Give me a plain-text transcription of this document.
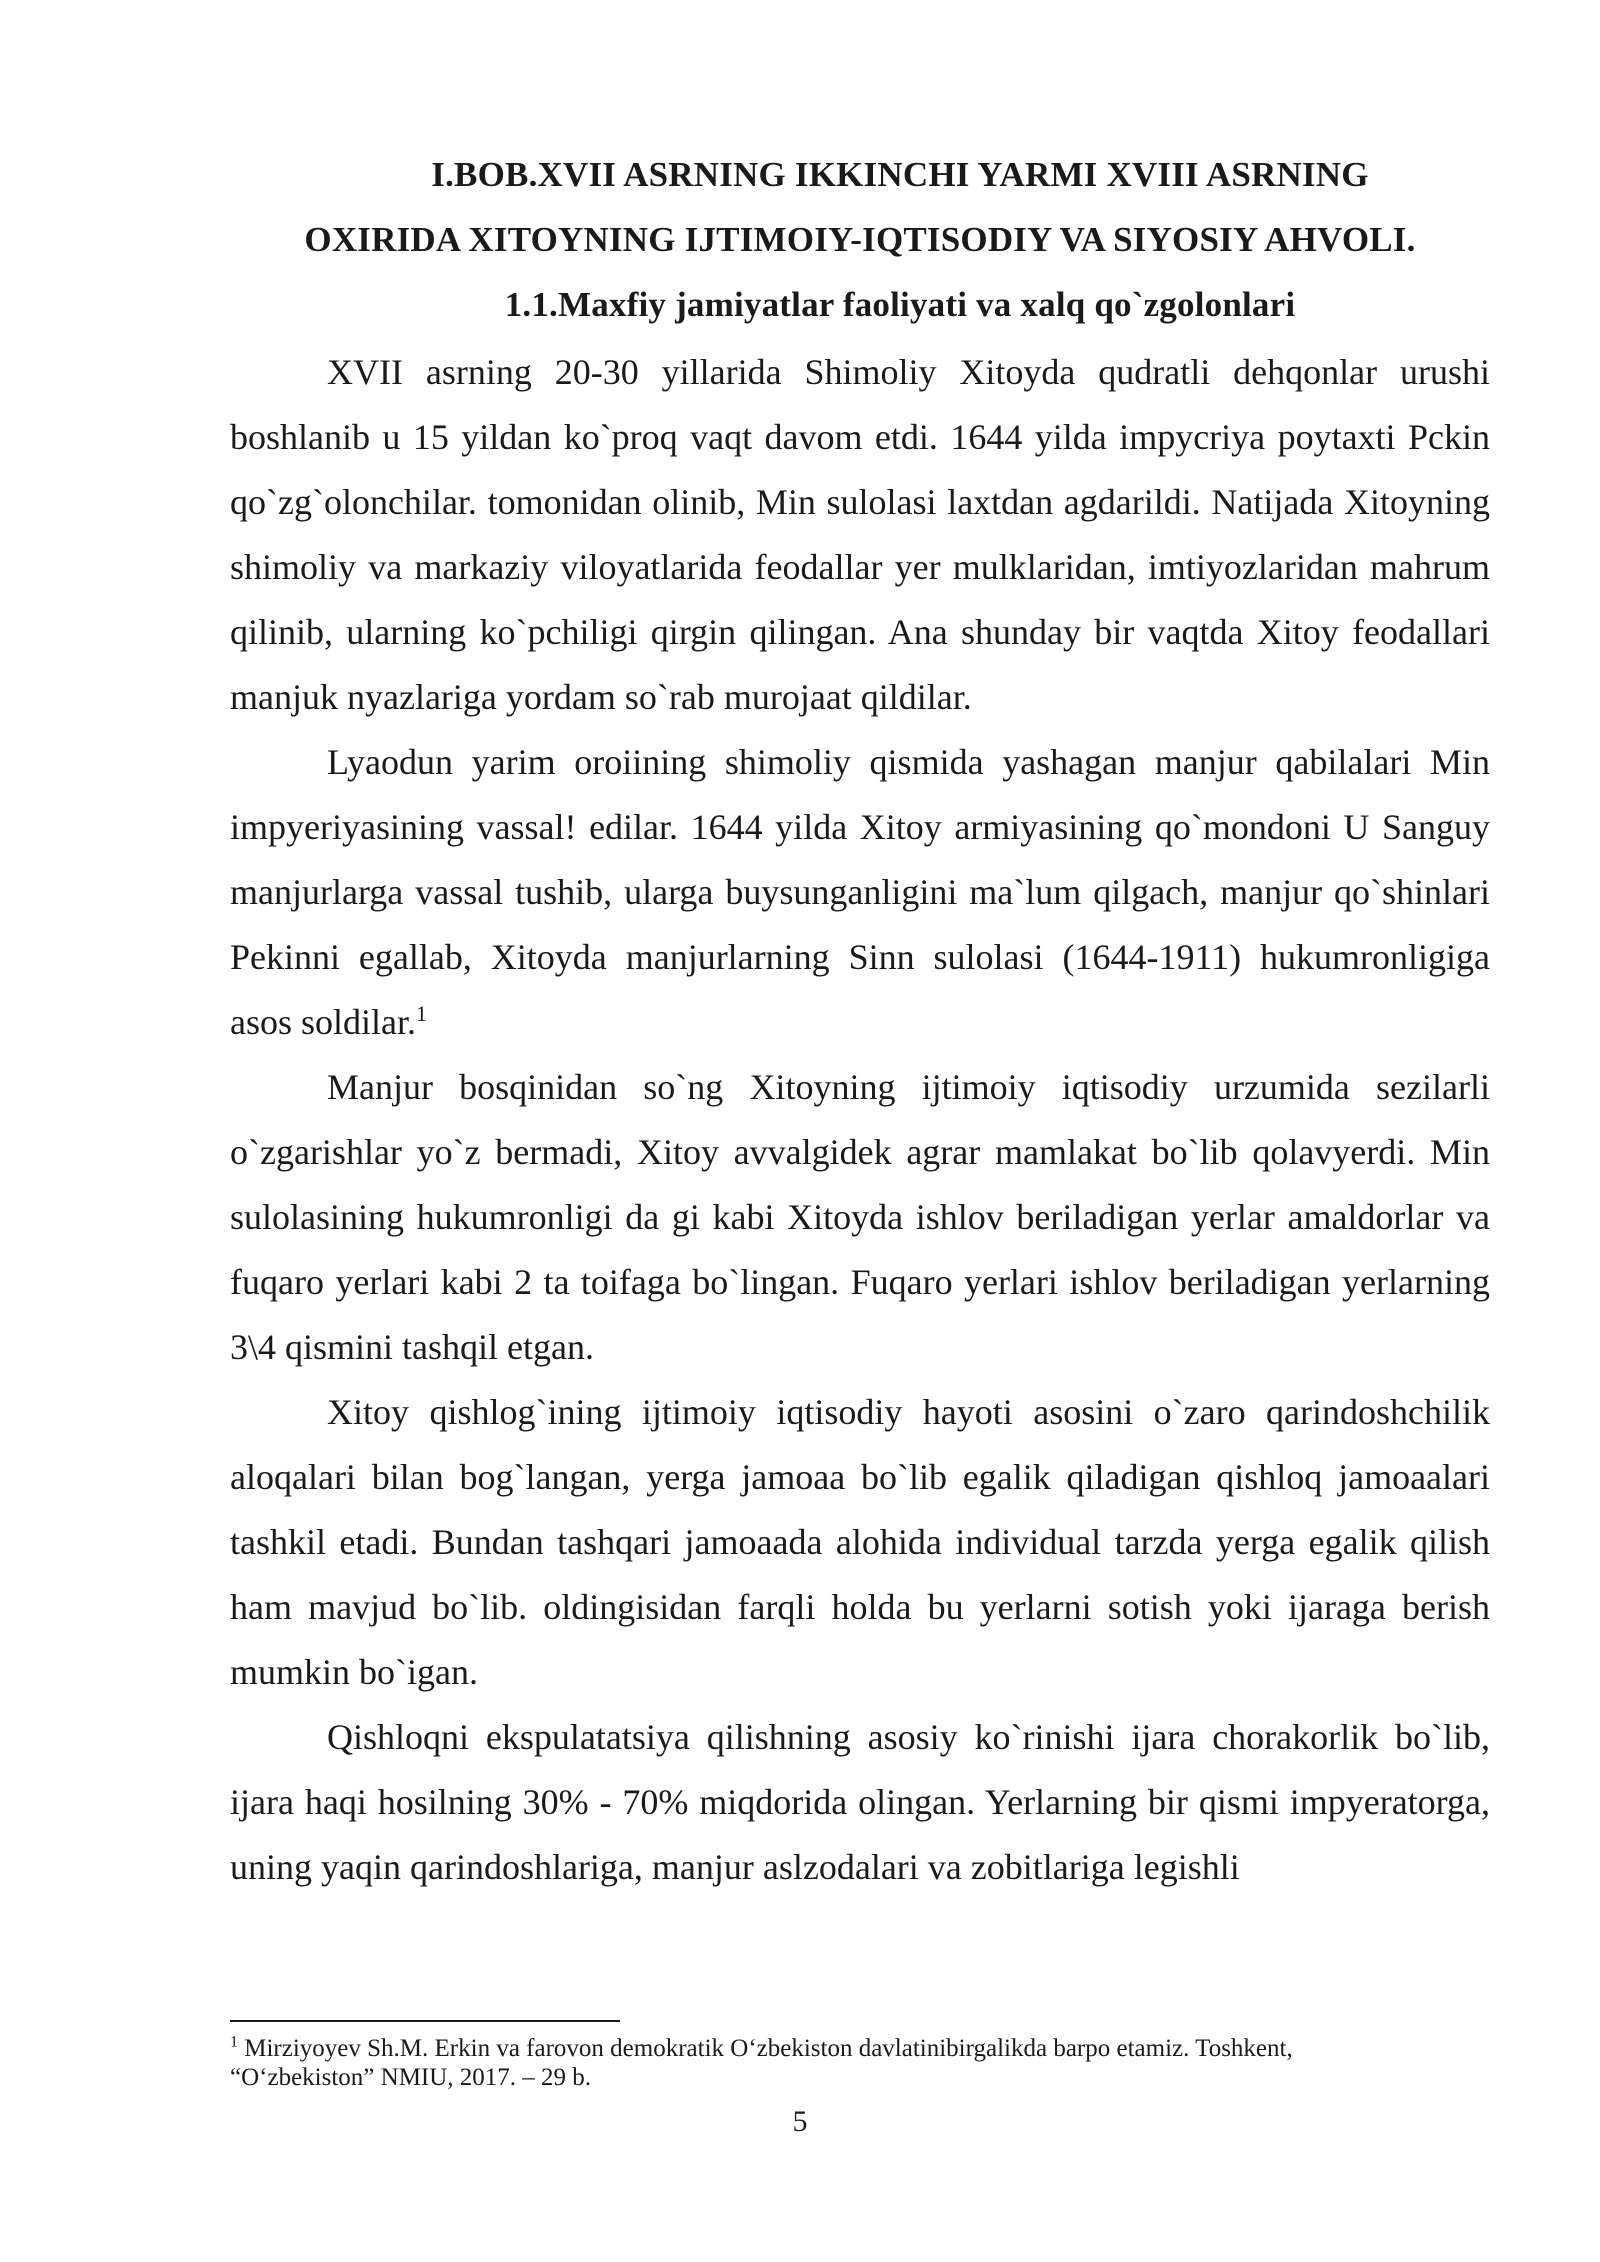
I.BOB.XVII ASRNING IKKINCHI YARMI XVIII ASRNING
OXIRIDA XITOYNING IJTIMOIY-IQTISODIY VA SIYOSIY AHVOLI.
1.1.Maxfiy jamiyatlar faoliyati va xalq qo`zgolonlari

XVII asrning 20-30 yillarida Shimoliy Xitoyda qudratli dehqonlar urushi boshlanib u 15 yildan ko`proq vaqt davom etdi. 1644 yilda impycriya poytaxti Pckin qo`zg`olonchilar. tomonidan olinib, Min sulolasi laxtdan agdarildi. Natijada Xitoyning shimoliy va markaziy viloyatlarida feodallar yer mulklaridan, imtiyozlaridan mahrum qilinib, ularning ko`pchiligi qirgin qilingan. Ana shunday bir vaqtda Xitoy feodallari manjuk nyazlariga yordam so`rab murojaat qildilar.

Lyaodun yarim oroiining shimoliy qismida yashagan manjur qabilalari Min impyeriyasining vassal! edilar. 1644 yilda Xitoy armiyasining qo`mondoni U Sanguy manjurlarga vassal tushib, ularga buysunganligini ma`lum qilgach, manjur qo`shinlari Pekinni egallab, Xitoyda manjurlarning Sinn sulolasi (1644-1911) hukumronligiga asos soldilar.$^1$

Manjur bosqinidan so`ng Xitoyning ijtimoiy iqtisodiy urzumida sezilarli o`zgarishlar yo`z bermadi, Xitoy avvalgidek agrar mamlakat bo`lib qolavyerdi. Min sulolasining hukumronligi da gi kabi Xitoyda ishlov beriladigan yerlar amaldorlar va fuqaro yerlari kabi 2 ta toifaga bo`lingan. Fuqaro yerlari ishlov beriladigan yerlarning 3\4 qismini tashqil etgan.

Xitoy qishlog`ining ijtimoiy iqtisodiy hayoti asosini o`zaro qarindoshchilik aloqalari bilan bog`langan, yerga jamoaa bo`lib egalik qiladigan qishloq jamoaalari tashkil etadi. Bundan tashqari jamoaada alohida individual tarzda yerga egalik qilish ham mavjud bo`lib. oldingisidan farqli holda bu yerlarni sotish yoki ijaraga berish mumkin bo`igan.

Qishloqni ekspulatatsiya qilishning asosiy ko`rinishi ijara chorakorlik bo`lib, ijara haqi hosilning 30% - 70% miqdorida olingan. Yerlarning bir qismi impyeratorga, uning yaqin qarindoshlariga, manjur aslzodalari va zobitlariga legishli

$^1$ Mirziyoyev Sh.M. Erkin va farovon demokratik O‘zbekiston davlatinibirgalikda barpo etamiz. Toshkent, “O‘zbekiston” NMIU, 2017. – 29 b.
5
